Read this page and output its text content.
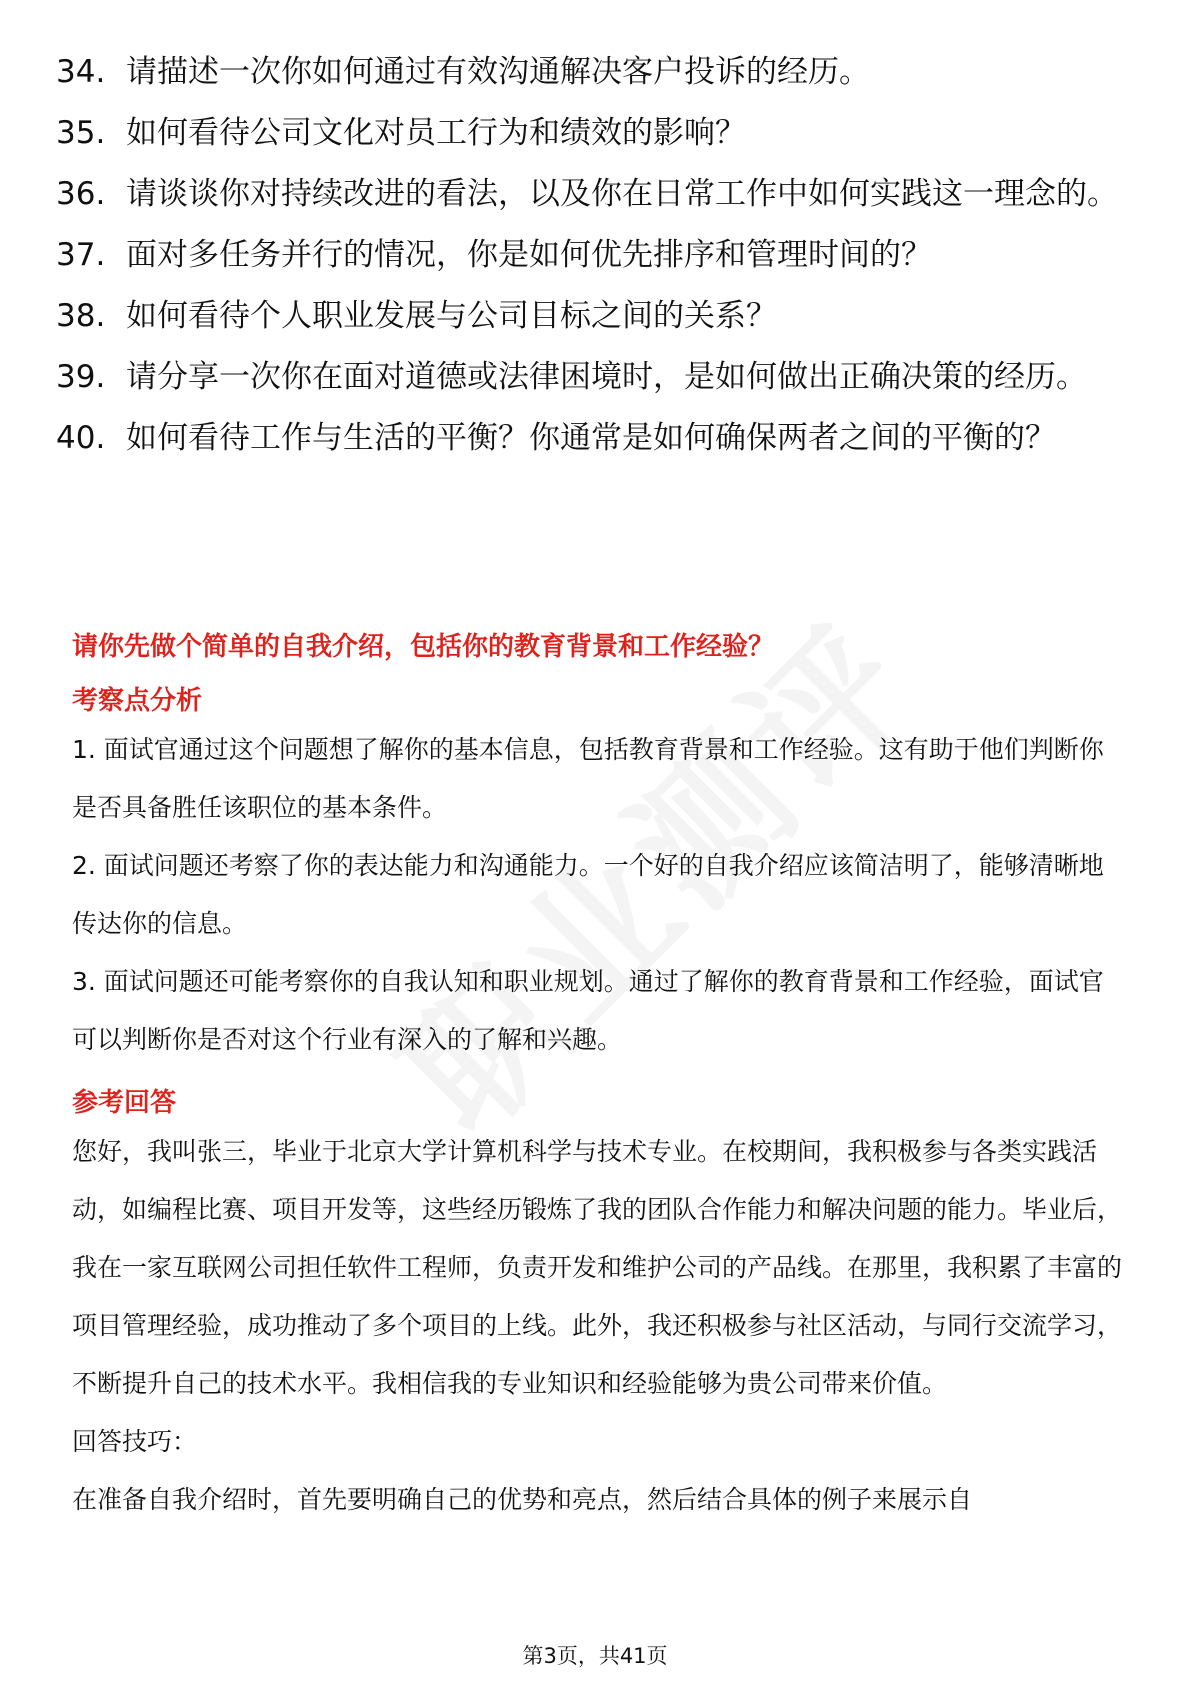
34. 请描述一次你如何通过有效沟通解决客户投诉的经历。
35. 如何看待公司文化对员工行为和绩效的影响？
36. 请谈谈你对持续改进的看法，以及你在日常工作中如何实践这一理念的。
37. 面对多任务并行的情况，你是如何优先排序和管理时间的？
38. 如何看待个人职业发展与公司目标之间的关系？
39. 请分享一次你在面对道德或法律困境时，是如何做出正确决策的经历。
40. 如何看待工作与生活的平衡？你通常是如何确保两者之间的平衡的？
请你先做个简单的自我介绍，包括你的教育背景和工作经验？
考察点分析
1. 面试官通过这个问题想了解你的基本信息，包括教育背景和工作经验。这有助于他们判断你是否具备胜任该职位的基本条件。
2. 面试问题还考察了你的表达能力和沟通能力。一个好的自我介绍应该简洁明了，能够清晰地传达你的信息。
3. 面试问题还可能考察你的自我认知和职业规划。通过了解你的教育背景和工作经验，面试官可以判断你是否对这个行业有深入的了解和兴趣。
参考回答
您好，我叫张三，毕业于北京大学计算机科学与技术专业。在校期间，我积极参与各类实践活动，如编程比赛、项目开发等，这些经历锻炼了我的团队合作能力和解决问题的能力。毕业后，我在一家互联网公司担任软件工程师，负责开发和维护公司的产品线。在那里，我积累了丰富的项目管理经验，成功推动了多个项目的上线。此外，我还积极参与社区活动，与同行交流学习，不断提升自己的技术水平。我相信我的专业知识和经验能够为贵公司带来价值。
回答技巧：
在准备自我介绍时，首先要明确自己的优势和亮点，然后结合具体的例子来展示自
第3页，共41页
